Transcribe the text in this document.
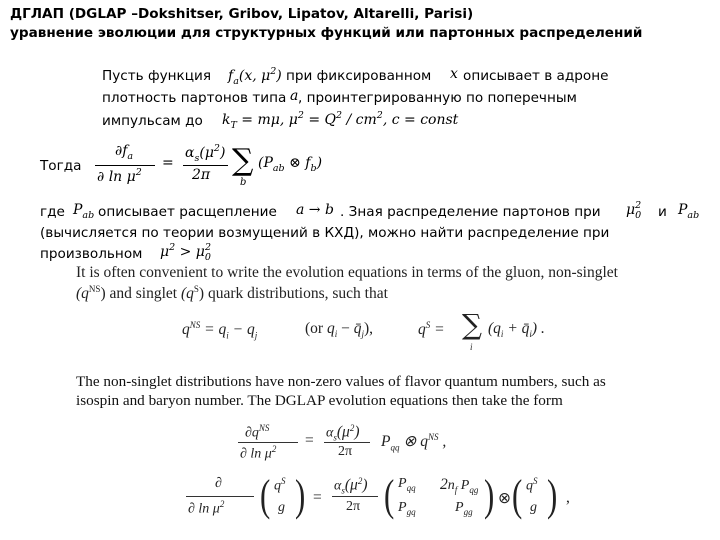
ДГЛАП (DGLAP –Dokshitser, Gribov, Lipatov, Altarelli, Parisi)
уравнение эволюции для структурных функций или партонных распределений
Пусть функция $f_a(x$, $\mu^2$) при фиксированном x описывает в адроне
плотность партонов типа a , проинтегрированную по поперечным
импульсам до $k_T = m\mu$, $\mu^2 = Q^2 / cm^2$, c = const
Тогда
$\partial f_a$
∂ $\ln \mu^2$
=
$\alpha_s(\mu^2)$
2π ∑
b
($P_{ab}$ ⊗ $f_b$)
где $P_{ab}$ описывает расщепление a → b . Зная распределение партонов при $\mu_0^2$ и $P_{ab}$
(вычисляется по теории возмущений в КХД), можно найти распределение при
произвольном $\mu^2 > \mu_0^2$
It is often convenient to write the evolution equations in terms of the gluon, non-singlet
$(q^{NS})$ and singlet $(q^S)$ quark distributions, such that
$q^{NS} = q_i - q_j$	(or $q_i$ − $q̄_j$),	$q^S$ = ∑
i
($q_i$ + $q̄_i$) .
The non-singlet distributions have non-zero values of flavor quantum numbers, such as
isospin and baryon number. The DGLAP evolution equations then take the form
$\partial q^{NS}$
∂ $\ln \mu^2 = \alpha_s(\mu^2)$
2π
$P_{qq}$ ⊗ $q^{NS}$ ,
∂
∂ $\ln \mu^2$ ( $q^S$
g ) =
$\alpha_s(\mu^2)$
2π ( $P_{qq}$ $2n_f$ $P_{qg}$
$P_{gq}$	$P_{gg}$ ) ⊗ ( $q^S$
g ) ,
